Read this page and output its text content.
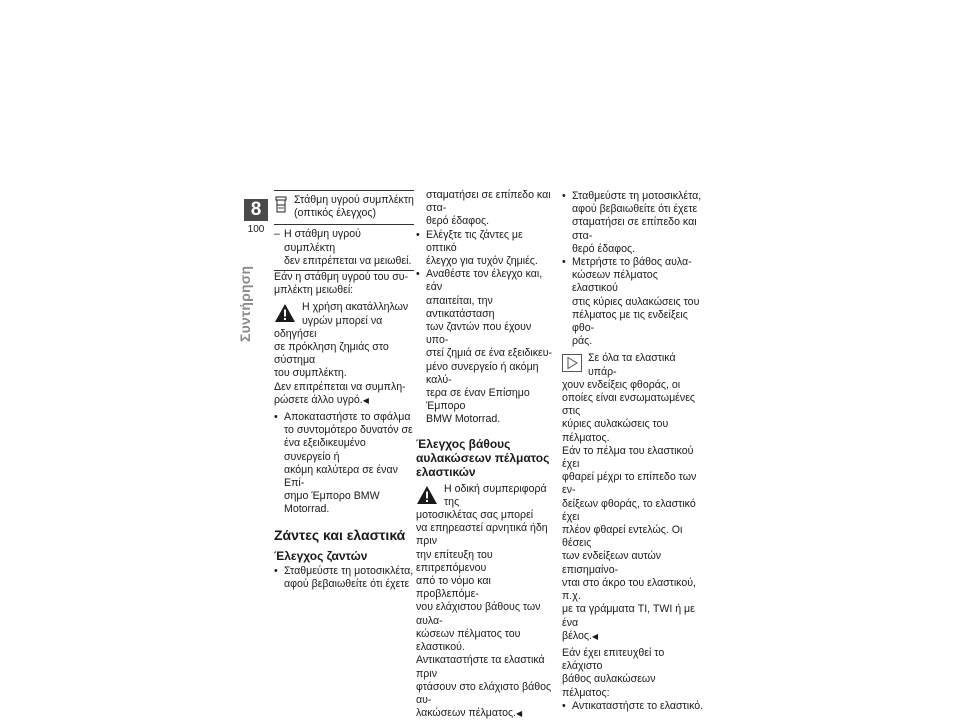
8
100
Συντήρηση

Στάθμη υγρού συμπλέκτη

(οπτικός έλεγχος)

– Η στάθμη υγρού συμπλέκτη

δεν επιτρέπεται να μειωθεί.

Εάν η στάθμη υγρού του συ-

μπλέκτη μειωθεί:

Η χρήση ακατάλληλων

υγρών μπορεί να οδηγήσει

σε πρόκληση ζημιάς στο σύστημα

του συμπλέκτη.

Δεν επιτρέπεται να συμπλη-

ρώσετε άλλο υγρό.◀

• Αποκαταστήστε το σφάλμα

το συντομότερο δυνατόν σε

ένα εξειδικευμένο συνεργείο ή

ακόμη καλύτερα σε έναν Επί-

σημο Έμπορο BMW Motorrad.

Ζάντες και ελαστικά
Έλεγχος ζαντών

• Σταθμεύστε τη μοτοσικλέτα,

αφού βεβαιωθείτε ότι έχετε

σταματήσει σε επίπεδο και στα-

θερό έδαφος.

• Ελέγξτε τις ζάντες με οπτικό

έλεγχο για τυχόν ζημιές.

• Αναθέστε τον έλεγχο και, εάν

απαιτείται, την αντικατάσταση

των ζαντών που έχουν υπο-

στεί ζημιά σε ένα εξειδικευ-

μένο συνεργείο ή ακόμη καλύ-

τερα σε έναν Επίσημο Έμπορο

BMW Motorrad.

Έλεγχος βάθους

αυλακώσεων πέλματος

ελαστικών

Η οδική συμπεριφορά της

μοτοσικλέτας σας μπορεί

να επηρεαστεί αρνητικά ήδη πριν

την επίτευξη του επιτρεπόμενου

από το νόμο και προβλεπόμε-

νου ελάχιστου βάθους των αυλα-

κώσεων πέλματος του ελαστικού.

Αντικαταστήστε τα ελαστικά πριν

φτάσουν στο ελάχιστο βάθος αυ-

λακώσεων πέλματος.◀

• Σταθμεύστε τη μοτοσικλέτα,

αφού βεβαιωθείτε ότι έχετε

σταματήσει σε επίπεδο και στα-

θερό έδαφος.

• Μετρήστε το βάθος αυλα-

κώσεων πέλματος ελαστικού

στις κύριες αυλακώσεις του

πέλματος με τις ενδείξεις φθο-

ράς.

Σε όλα τα ελαστικά υπάρ-

χουν ενδείξεις φθοράς, οι

οποίες είναι ενσωματωμένες στις

κύριες αυλακώσεις του πέλματος.

Εάν το πέλμα του ελαστικού έχει

φθαρεί μέχρι το επίπεδο των εν-

δείξεων φθοράς, το ελαστικό έχει

πλέον φθαρεί εντελώς. Οι θέσεις

των ενδείξεων αυτών επισημαίνο-

νται στο άκρο του ελαστικού, π.χ.

με τα γράμματα TI, TWI ή με ένα

βέλος.◀

Εάν έχει επιτευχθεί το ελάχιστο

βάθος αυλακώσεων πέλματος:

• Αντικαταστήστε το ελαστικό.
